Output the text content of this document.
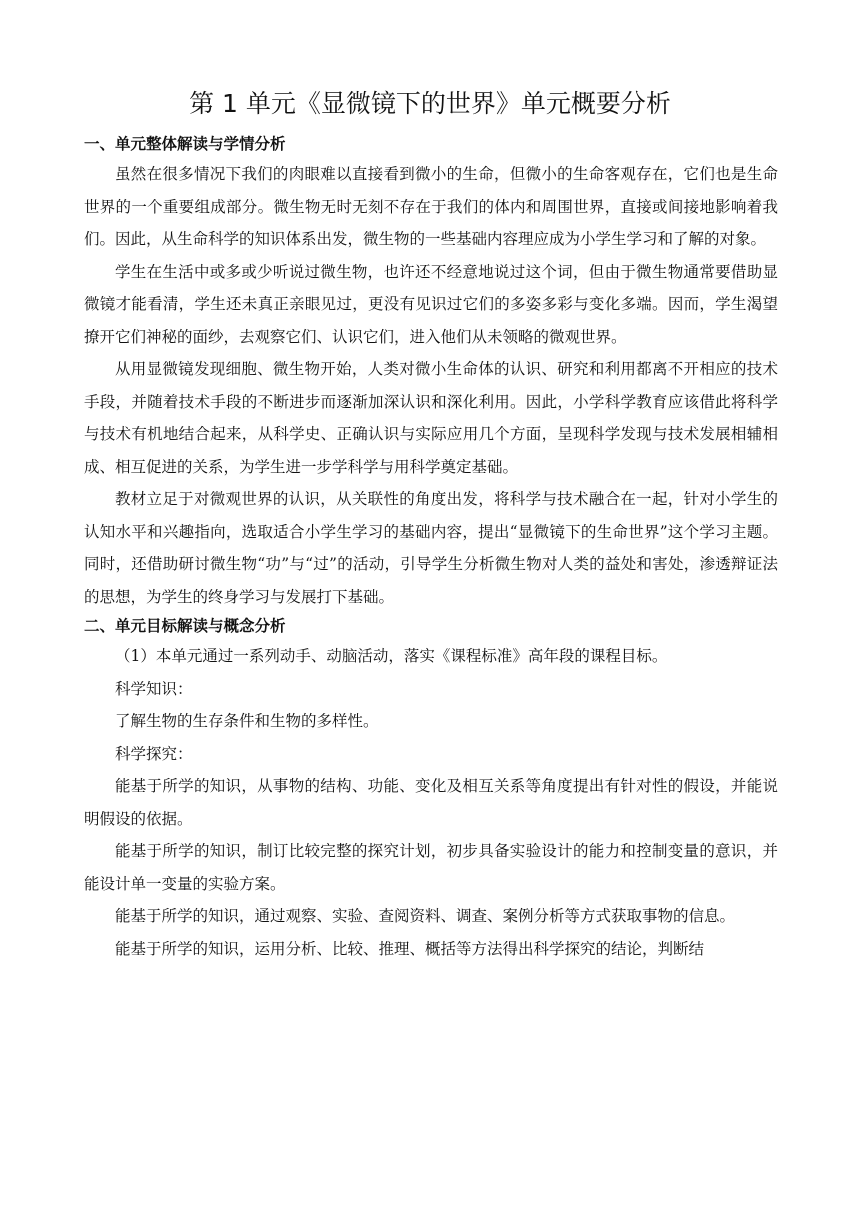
第 1 单元《显微镜下的世界》单元概要分析

一、单元整体解读与学情分析

虽然在很多情况下我们的肉眼难以直接看到微小的生命，但微小的生命客观存在，它们也是生命世界的一个重要组成部分。微生物无时无刻不存在于我们的体内和周围世界，直接或间接地影响着我们。因此，从生命科学的知识体系出发，微生物的一些基础内容理应成为小学生学习和了解的对象。

学生在生活中或多或少听说过微生物，也许还不经意地说过这个词，但由于微生物通常要借助显微镜才能看清，学生还未真正亲眼见过，更没有见识过它们的多姿多彩与变化多端。因而，学生渴望撩开它们神秘的面纱，去观察它们、认识它们，进入他们从未领略的微观世界。

从用显微镜发现细胞、微生物开始，人类对微小生命体的认识、研究和利用都离不开相应的技术手段，并随着技术手段的不断进步而逐渐加深认识和深化利用。因此，小学科学教育应该借此将科学与技术有机地结合起来，从科学史、正确认识与实际应用几个方面，呈现科学发现与技术发展相辅相成、相互促进的关系，为学生进一步学科学与用科学奠定基础。

教材立足于对微观世界的认识，从关联性的角度出发，将科学与技术融合在一起，针对小学生的认知水平和兴趣指向，选取适合小学生学习的基础内容，提出“显微镜下的生命世界”这个学习主题。同时，还借助研讨微生物“功”与“过”的活动，引导学生分析微生物对人类的益处和害处，渗透辩证法的思想，为学生的终身学习与发展打下基础。

二、单元目标解读与概念分析

（1）本单元通过一系列动手、动脑活动，落实《课程标准》高年段的课程目标。

科学知识：

了解生物的生存条件和生物的多样性。

科学探究：

能基于所学的知识，从事物的结构、功能、变化及相互关系等角度提出有针对性的假设，并能说明假设的依据。

能基于所学的知识，制订比较完整的探究计划，初步具备实验设计的能力和控制变量的意识，并能设计单一变量的实验方案。

能基于所学的知识，通过观察、实验、查阅资料、调查、案例分析等方式获取事物的信息。

能基于所学的知识，运用分析、比较、推理、概括等方法得出科学探究的结论，判断结
